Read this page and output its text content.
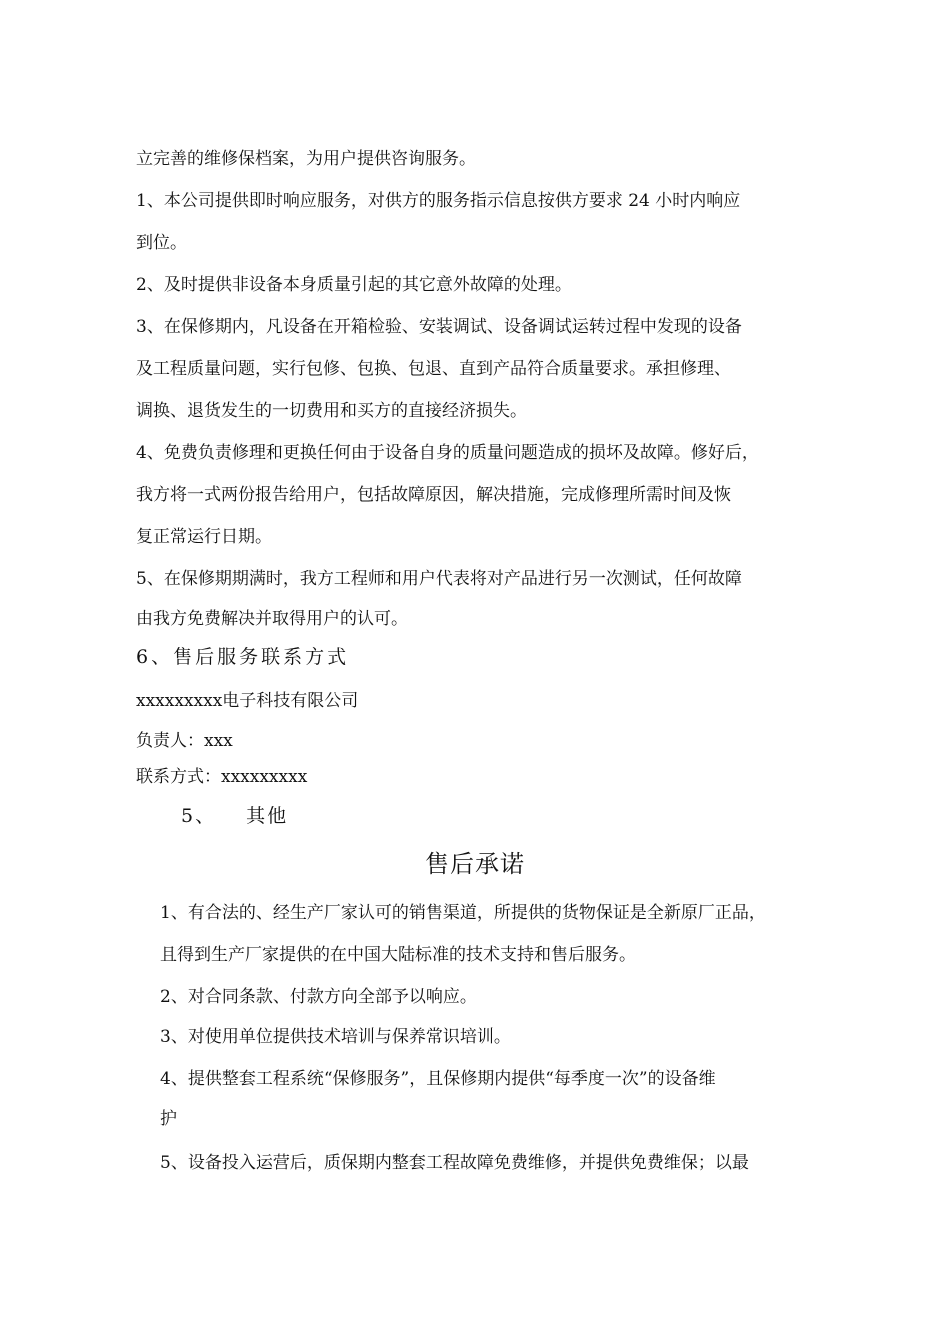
立完善的维修保档案，为用户提供咨询服务。
1、本公司提供即时响应服务，对供方的服务指示信息按供方要求 24 小时内响应
到位。
2、及时提供非设备本身质量引起的其它意外故障的处理。
3、在保修期内，凡设备在开箱检验、安装调试、设备调试运转过程中发现的设备
及工程质量问题，实行包修、包换、包退、直到产品符合质量要求。承担修理、
调换、退货发生的一切费用和买方的直接经济损失。
4、免费负责修理和更换任何由于设备自身的质量问题造成的损坏及故障。修好后，
我方将一式两份报告给用户，包括故障原因，解决措施，完成修理所需时间及恢
复正常运行日期。
5、在保修期期满时，我方工程师和用户代表将对产品进行另一次测试，任何故障
由我方免费解决并取得用户的认可。
6、售后服务联系方式
xxxxxxxxx电子科技有限公司
负责人：xxx
联系方式：xxxxxxxxx
5、 其他
售后承诺
1、有合法的、经生产厂家认可的销售渠道，所提供的货物保证是全新原厂正品，
且得到生产厂家提供的在中国大陆标准的技术支持和售后服务。
2、对合同条款、付款方向全部予以响应。
3、对使用单位提供技术培训与保养常识培训。
4、提供整套工程系统“保修服务”，且保修期内提供“每季度一次”的设备维
护
5、设备投入运营后，质保期内整套工程故障免费维修，并提供免费维保；以最
